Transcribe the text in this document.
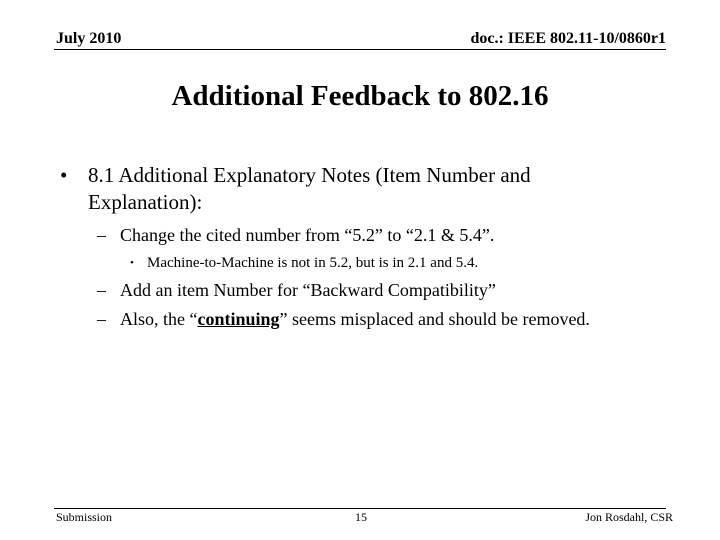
July 2010	doc.: IEEE 802.11-10/0860r1
Additional Feedback to 802.16
• 8.1 Additional Explanatory Notes (Item Number and
Explanation):
– Change the cited number from “5.2” to “2.1 & 5.4”.
• Machine-to-Machine is not in 5.2, but is in 2.1 and 5.4.
– Add an item Number for “Backward Compatibility”
– Also, the “continuing” seems misplaced and should be removed.
Submission	15	Jon Rosdahl, CSR
